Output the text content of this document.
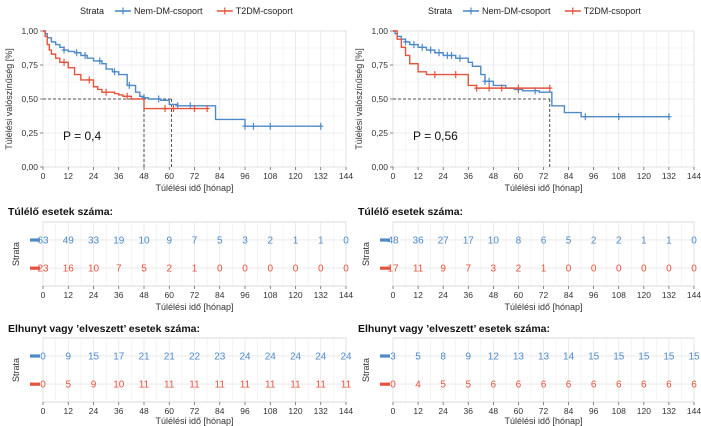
0 12 24 36 48 60 72 84 96 108 120 132 144
0,00
0,25
0,50
0,75
1,00
Túlélési idő [hónap]
Túlélési valószínűség [%]	P = 0,4
Strata	Nem-DM-csoport	T2DM-csoport
0 12 24 36 48 60 72 84 96 108 120 132 144
0,00
0,25
0,50
0,75
1,00
Túlélési idő [hónap]
Túlélési valószínűség [%]	P = 0,56
Strata	Nem-DM-csoport	T2DM-csoport
Túlélő esetek száma:
Strata
63 49 33 19 10 9 7 5 3 2 1 1 0
23 16 10 7 5 2 1 0 0 0 0 0 0
0 12 24 36 48 60 72 84 96 108 120 132 144
Túlélési idő [hónap]
Túlélő esetek száma:
Strata
48 36 27 17 10 8 6 5 2 2 1 1 0
17 11 9 7 3 2 1 0 0 0 0 0 0
0 12 24 36 48 60 72 84 96 108 120 132 144
Túlélési idő [hónap]
Elhunyt vagy ’elveszett’ esetek száma:
Strata
0 9 15 17 21 21 22 23 24 24 24 24 24
0 5 9 10 11 11 11 11 11 11 11 11 11
0 12 24 36 48 60 72 84 96 108 120 132 144
Túlélési idő [hónap]
Elhunyt vagy ’elveszett’ esetek száma:
Strata
3 5 8 9 12 13 13 14 15 15 15 15 15
0 4 5 5 6 6 6 6 6 6 6 6 6
0 12 24 36 48 60 72 84 96 108 120 132 144
Túlélési idő [hónap]
